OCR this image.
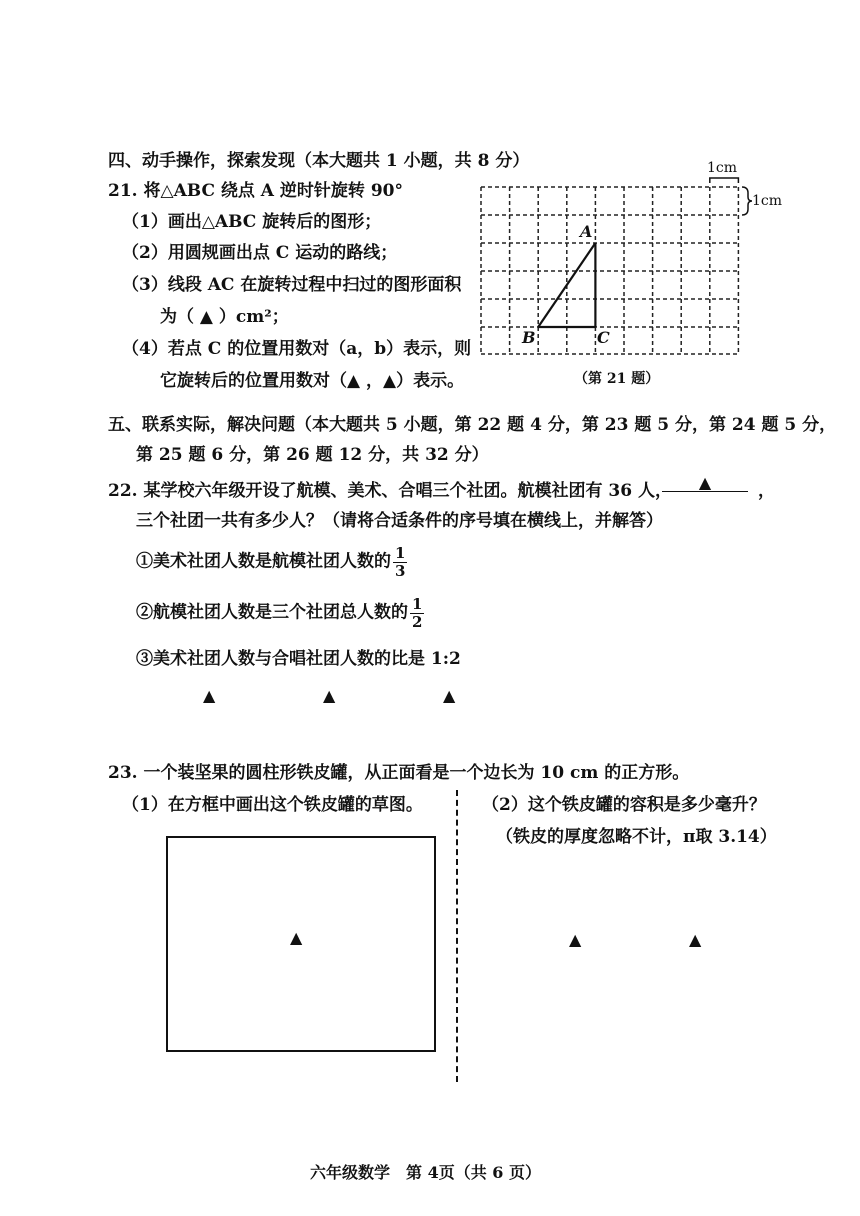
四、动手操作，探索发现（本大题共 1 小题，共 8 分）
21. 将△ABC 绕点 A 逆时针旋转 90°
（1）画出△ABC 旋转后的图形；
（2）用圆规画出点 C 运动的路线；
（3）线段 AC 在旋转过程中扫过的图形面积
为（ ▲ ）cm²；
（4）若点 C 的位置用数对（a，b）表示，则
它旋转后的位置用数对（▲ ，▲）表示。
1cm
1cm
A
B	C
（第 21 题）
五、联系实际，解决问题（本大题共 5 小题，第 22 题 4 分，第 23 题 5 分，第 24 题 5 分，
第 25 题 6 分，第 26 题 12 分，共 32 分）
22. 某学校六年级开设了航模、美术、合唱三个社团。航模社团有 36 人，	▲	，
三个社团一共有多少人？（请将合适条件的序号填在横线上，并解答）
①美术社团人数是航模社团人数的 $\frac{1}{3}$
②航模社团人数是三个社团总人数的 $\frac{1}{2}$
③美术社团人数与合唱社团人数的比是 1:2
▲	▲	▲
23. 一个装坚果的圆柱形铁皮罐，从正面看是一个边长为 10 cm 的正方形。
（1）在方框中画出这个铁皮罐的草图。	（2）这个铁皮罐的容积是多少毫升？
（铁皮的厚度忽略不计，π取 3.14）
▲	▲	▲
六年级数学　第 4页（共 6 页）
